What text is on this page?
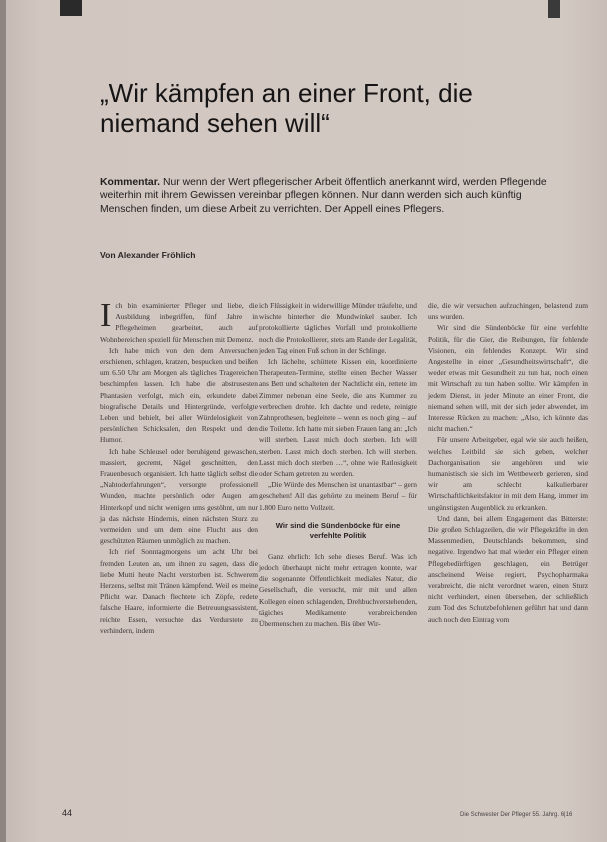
„Wir kämpfen an einer Front, die niemand sehen will“

Kommentar. Nur wenn der Wert pflegerischer Arbeit öffentlich anerkannt wird, werden Pflegende weiterhin mit ihrem Gewissen vereinbar pflegen können. Nur dann werden sich auch künftig Menschen finden, um diese Arbeit zu verrichten. Der Appell eines Pflegers.

Von Alexander Fröhlich

Ich bin examinierter Pfleger und liebe, die Ausbildung inbegriffen, fünf Jahre in Pflegeheimen gearbeitet, auch auf Wohnbereichen speziell für Menschen mit Demenz.

Ich habe mich von den dem Anversuchen erschienen, schlagen, kratzen, bespucken und beißen um 6.50 Uhr am Morgen als tägliches Tragereichen beschimpfen lassen. Ich habe die abstrusesten Phantasien verfolgt, mich ein, erkundete dabei biografische Details und Hintergründe, verfolgte Leben und behielt, bei aller Würdelosigkeit von persönlichen Schicksalen, den Respekt und den Humor.

Ich habe Schleusel oder beruhigend gewaschen, massiert, gecremt, Nägel geschnitten, den Frauenbesuch organisiert. Ich hatte täglich selbst die „Nahtoderfahrungen“, versorgte professionell Wunden, machte persönlich oder Augen am Hinterkopf und nicht wenigen ums gestöhnt, um nur ja das nächste Hindernis, einen nächsten Sturz zu vermeiden und um dem eine Flucht aus den geschützten Räumen unmöglich zu machen.

Ich rief Sonntagmorgens um acht Uhr bei fremden Leuten an, um ihnen zu sagen, dass die liebe Mutti heute Nacht verstorben ist. Schwerem Herzens, selbst mit Tränen kämpfend. Weil es meine Pflicht war. Danach flechtete ich Zöpfe, redete falsche Haare, informierte die Betreuungsassistent, reichte Essen, versuchte das Verdurstete zu verhindern, indem

ich Flüssigkeit in widerwillige Münder träufelte, und wischte hinterher die Mundwinkel sauber. Ich protokollierte tägliches Vorfall und protokollierte noch die Protokollierer, stets am Rande der Legalität, jeden Tag einen Fuß schon in der Schlinge.

Ich lächelte, schüttete Kissen ein, koordinierte Therapeuten-Termine, stellte einen Becher Wasser ans Bett und schalteten der Nachtlicht ein, rettete im Zimmer nebenan eine Seele, die ans Kummer zu verbrechen drohte. Ich dachte und redete, reinigte Zahnprothesen, begleitete – wenn es noch ging – auf die Toilette. Ich hatte mit sieben Frauen lang an: „Ich will sterben. Lasst mich doch sterben. Ich will sterben. Lasst mich doch sterben. Ich will sterben. Lasst mich doch sterben …“, ohne wie Ratlosigkeit oder Scham getreten zu werden.

„Die Würde des Menschen ist unantastbar“ – gern geschehen! All das gehörte zu meinem Beruf – für 1.800 Euro netto Vollzeit.

Wir sind die Sündenböcke für eine verfehlte Politik

Ganz ehrlich: Ich sehe dieses Beruf. Was ich jedoch überhaupt nicht mehr ertragen konnte, war die sogenannte Öffentlichkeit mediales Natur, die Gesellschaft, die versucht, mir mit und allen Kollegen einen schlagenden, Drehbuchverstehenden, tägiches Medikamente verabreichenden Übermenschen zu machen. Bis über Wir-

die, die wir versuchen aufzuchingen, belastend zum uns wurden.

Wir sind die Sündenböcke für eine verfehlte Politik, für die Gier, die Reibungen, für fehlende Visionen, ein fehlendes Konzept. Wir sind Angestellte in einer „Gesundheitswirtschaft“, die weder etwas mit Gesundheit zu tun hat, noch einen mit Wirtschaft zu tun haben sollte. Wir kämpfen in jedem Dienst, in jeder Minute an einer Front, die niemand sehen will, mit der sich jeder abwendet, im Interesse Rücken zu machen: „Also, ich könnte das nicht machen.“

Für unsere Arbeitgeber, egal wie sie auch heißen, welches Leitbild sie sich geben, welcher Dachorganisation sie angehören und wie humanistisch sie sich im Wettbewerb gerieren, sind wir am schlecht kalkulierbarer Wirtschaftlichkeitsfaktor in mit dem Hang, immer im ungünstigsten Augenblick zu erkranken.

Und dann, bei allem Engagement das Bitterste: Die großen Schlagzeilen, die wir Pflegekräfte in den Massenmedien, Deutschlands bekommen, sind negative. Irgendwo hat mal wieder ein Pfleger einen Pflegebedürftigen geschlagen, ein Betrüger anscheinend Weise regiert, Psychopharmaka verabreicht, die nicht verordnet waren, einen Sturz nicht verhindert, einen übersehen, der schließlich zum Tod des Schutzbefohlenen geführt hat und dann auch noch den Eintrag vom

44	Die Schwester Der Pfleger 55. Jahrg. 6|16
